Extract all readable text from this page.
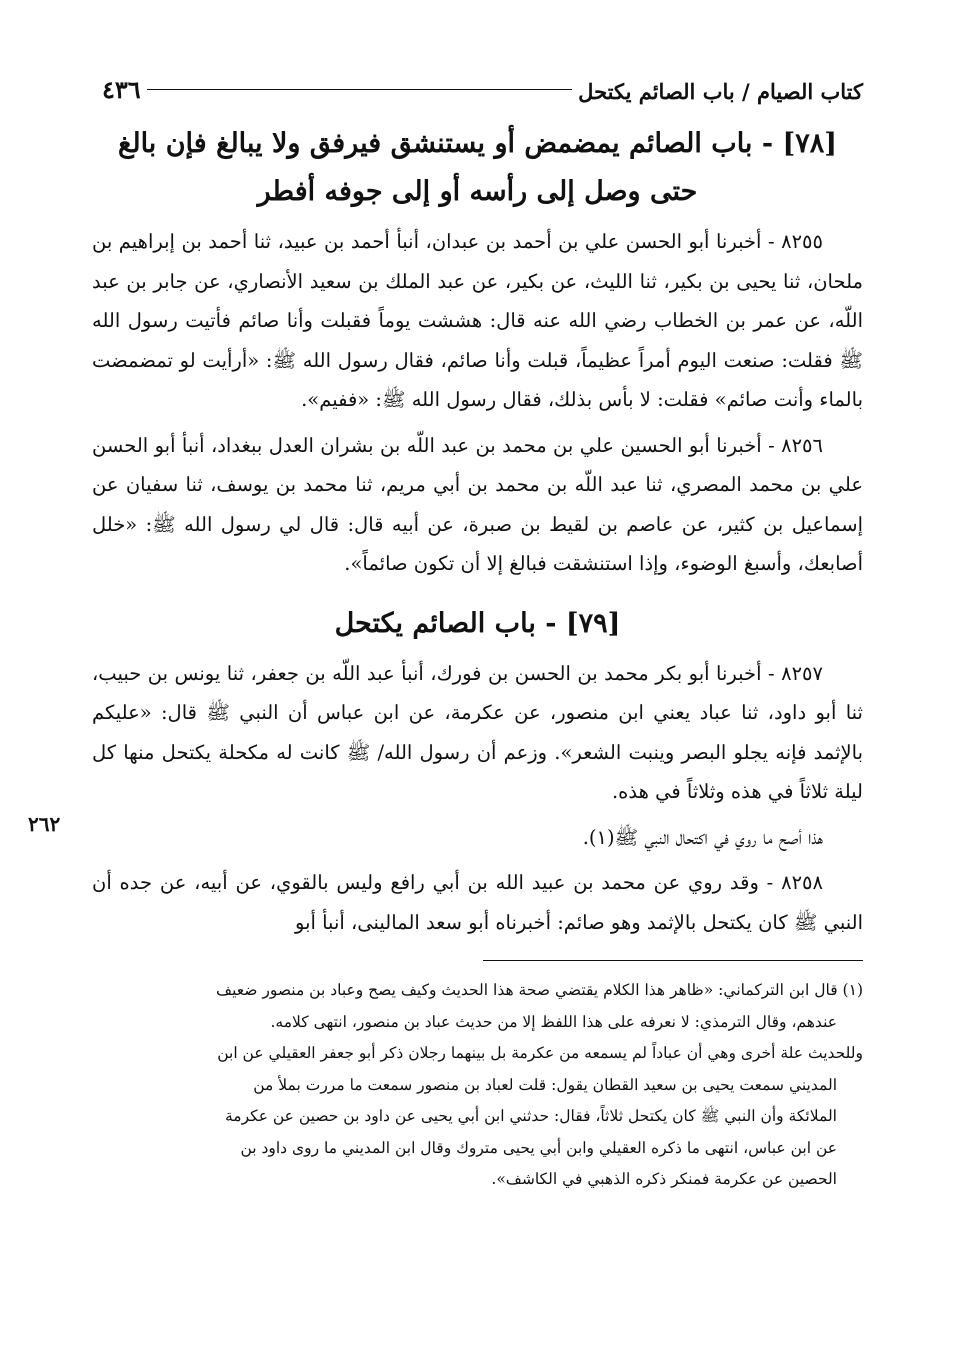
كتاب الصيام / باب الصائم يكتحل
٤٣٦
[٧٨] - باب الصائم يمضمض أو يستنشق فيرفق ولا يبالغ فإن بالغ حتى وصل إلى رأسه أو إلى جوفه أفطر

٨٢٥٥ - أخبرنا أبو الحسن علي بن أحمد بن عبدان، أنبأ أحمد بن عبيد، ثنا أحمد بن إبراهيم بن ملحان، ثنا يحيى بن بكير، ثنا الليث، عن بكير، عن عبد الملك بن سعيد الأنصاري، عن جابر بن عبد اللّه، عن عمر بن الخطاب رضي الله عنه قال: هششت يوماً فقبلت وأنا صائم فأتيت رسول الله ﷺ فقلت: صنعت اليوم أمراً عظيماً، قبلت وأنا صائم، فقال رسول الله ﷺ: «أرأيت لو تمضمضت بالماء وأنت صائم» فقلت: لا بأس بذلك، فقال رسول الله ﷺ: «ففيم».

٨٢٥٦ - أخبرنا أبو الحسين علي بن محمد بن عبد اللّه بن بشران العدل ببغداد، أنبأ أبو الحسن علي بن محمد المصري، ثنا عبد اللّه بن محمد بن أبي مريم، ثنا محمد بن يوسف، ثنا سفيان عن إسماعيل بن كثير، عن عاصم بن لقيط بن صبرة، عن أبيه قال: قال لي رسول الله ﷺ: «خلل أصابعك، وأسبغ الوضوء، وإذا استنشقت فبالغ إلا أن تكون صائماً».

[٧٩] - باب الصائم يكتحل

٨٢٥٧ - أخبرنا أبو بكر محمد بن الحسن بن فورك، أنبأ عبد اللّه بن جعفر، ثنا يونس بن حبيب، ثنا أبو داود، ثنا عباد يعني ابن منصور، عن عكرمة، عن ابن عباس أن النبي ﷺ قال: «عليكم بالإثمد فإنه يجلو البصر وينبت الشعر». وزعم أن رسول الله/ ﷺ كانت له مكحلة يكتحل منها كل ليلة ثلاثاً في هذه وثلاثاً في هذه.

هذا أصح ما روي في اكتحال النبي ﷺ(١).

٨٢٥٨ - وقد روي عن محمد بن عبيد الله بن أبي رافع وليس بالقوي، عن أبيه، عن جده أن النبي ﷺ كان يكتحل بالإثمد وهو صائم: أخبرناه أبو سعد المالينی، أنبأ أبو

(١) قال ابن التركماني: «ظاهر هذا الكلام يقتضي صحة هذا الحديث وكيف يصح وعباد بن منصور ضعيف
عندهم، وقال الترمذي: لا نعرفه على هذا اللفظ إلا من حديث عباد بن منصور، انتهى كلامه.
وللحديث علة أخرى وهي أن عباداً لم يسمعه من عكرمة بل بينهما رجلان ذكر أبو جعفر العقيلي عن ابن
المديني سمعت يحيى بن سعيد القطان يقول: قلت لعباد بن منصور سمعت ما مررت بملأ من
الملائكة وأن النبي ﷺ كان يكتحل ثلاثاً، فقال: حدثني ابن أبي يحيى عن داود بن حصين عن عكرمة
عن ابن عباس، انتهى ما ذكره العقيلي وابن أبي يحيى متروك وقال ابن المديني ما روى داود بن
الحصين عن عكرمة فمنكر ذكره الذهبي في الكاشف».
٢٦٢
